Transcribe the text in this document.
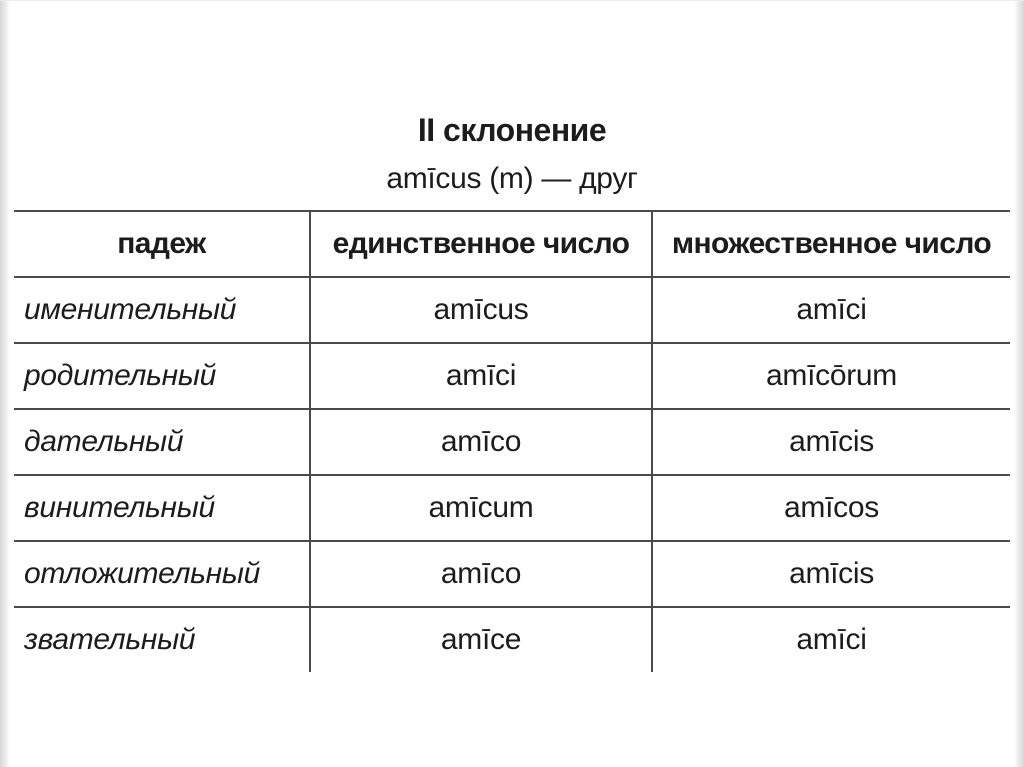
II склонение
amīcus (m) — друг
падеж	единственное число	множественное число
именительный	amīcus	amīci
родительный	amīci	amīcōrum
дательный	amīco	amīcis
винительный	amīcum	amīcos
отложительный	amīco	amīcis
звательный	amīce	amīci
